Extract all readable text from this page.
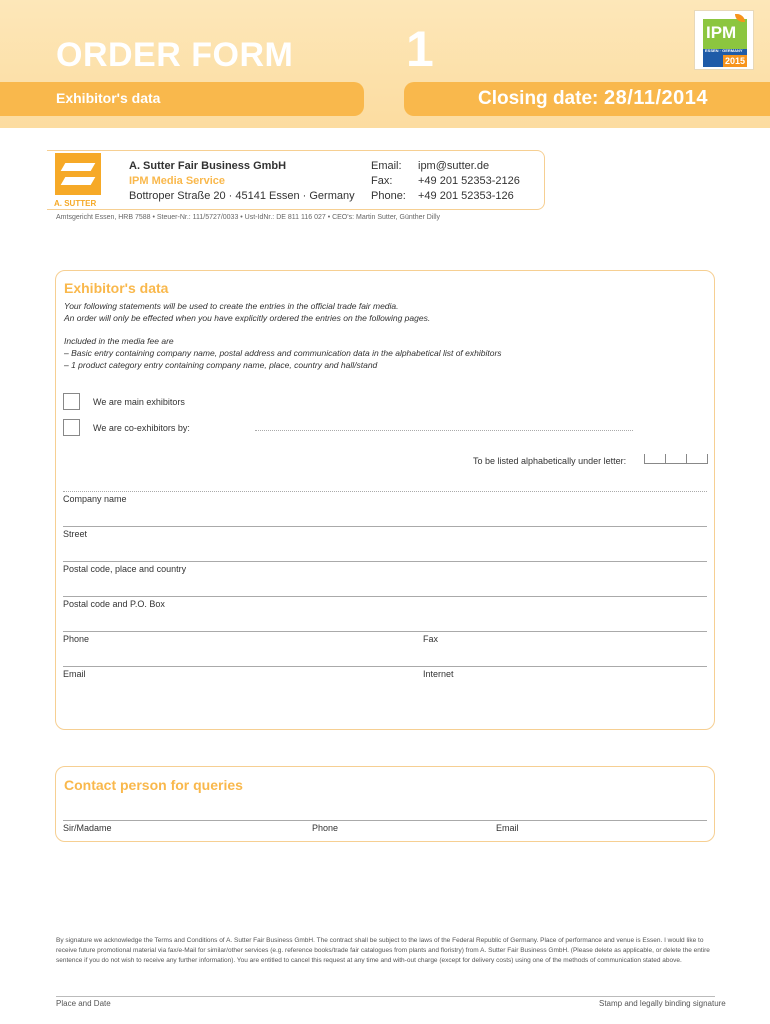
ORDER FORM 1
Exhibitor's data	Closing date: 28/11/2014
IPM
ESSEN · GERMANY
2015
A. SUTTER
A. Sutter Fair Business GmbH
IPM Media Service
Bottroper Straße 20 · 45141 Essen · Germany
Email: ipm@sutter.de
Fax: +49 201 52353-2126
Phone: +49 201 52353-126
Amtsgericht Essen, HRB 7588 • Steuer-Nr.: 111/5727/0033 • Ust-IdNr.: DE 811 116 027 • CEO's: Martin Sutter, Günther Dilly
Exhibitor's data
Your following statements will be used to create the entries in the official trade fair media.
An order will only be effected when you have explicitly ordered the entries on the following pages.
Included in the media fee are
– Basic entry containing company name, postal address and communication data in the alphabetical list of exhibitors
– 1 product category entry containing company name, place, country and hall/stand
We are main exhibitors
We are co-exhibitors by:
To be listed alphabetically under letter:
Company name
Street
Postal code, place and country
Postal code and P.O. Box
Phone	Fax
Email	Internet
Contact person for queries
Sir/Madame	Phone	Email
By signature we acknowledge the Terms and Conditions of A. Sutter Fair Business GmbH. The contract shall be subject to the laws of the Federal Republic of Germany. Place of performance and venue is Essen. I would like to receive future promotional material via fax/e-Mail for similar/other services (e.g. reference books/trade fair catalogues from plants and floristry) from A. Sutter Fair Business GmbH. (Please delete as applicable, or delete the entire sentence if you do not wish to receive any further information). You are entitled to cancel this request at any time and with-out charge (except for delivery costs) using one of the methods of communication stated above.
Place and Date	Stamp and legally binding signature
